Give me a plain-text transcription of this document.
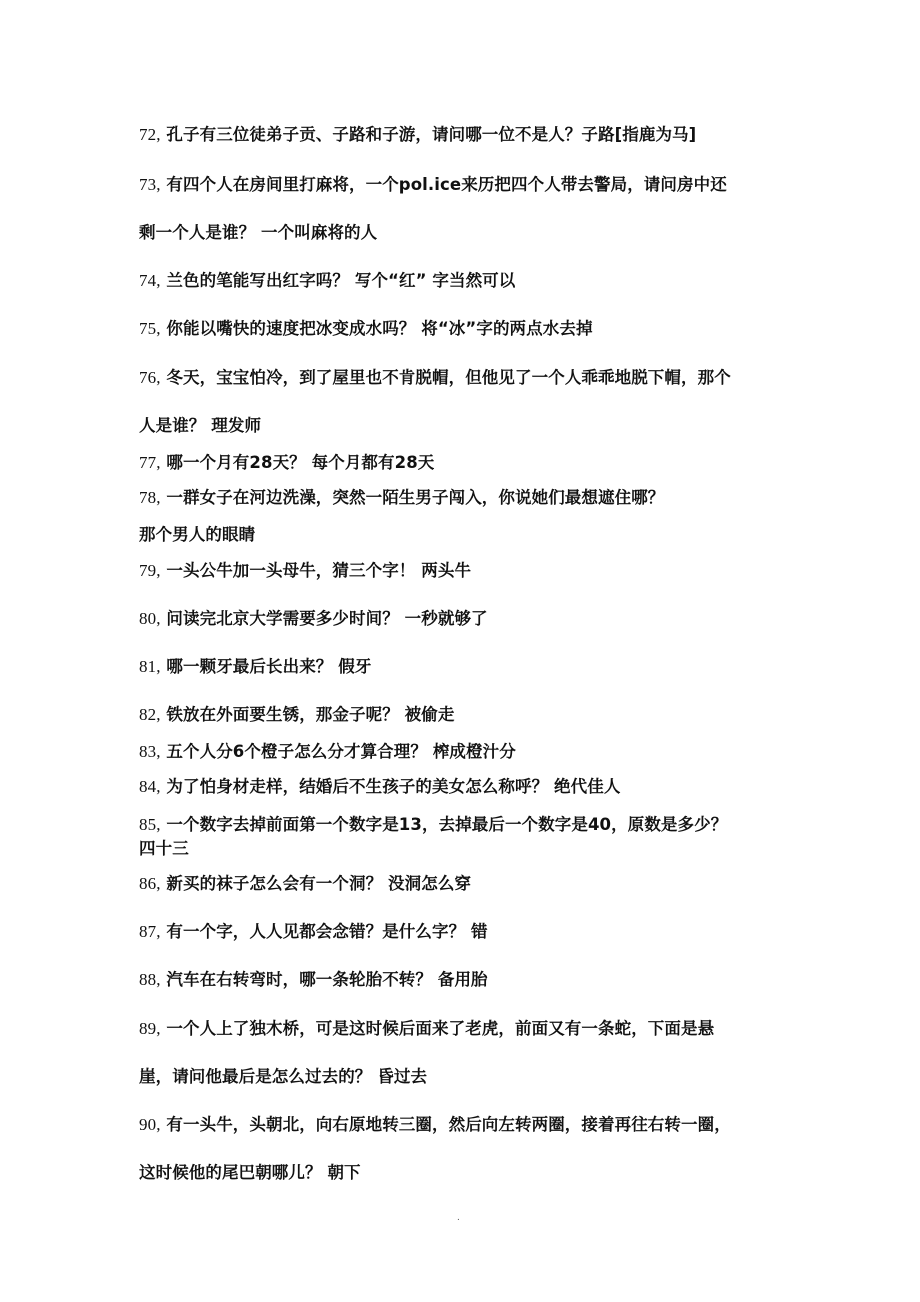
72, 孔子有三位徒弟子贡、子路和子游，请问哪一位不是人？子路[指鹿为马]
73, 有四个人在房间里打麻将，一个pol.ice来历把四个人带去警局，请问房中还
剩一个人是谁？ 一个叫麻将的人
74, 兰色的笔能写出红字吗？ 写个“红” 字当然可以
75, 你能以嘴快的速度把冰变成水吗？ 将“冰”字的两点水去掉
76, 冬天，宝宝怕冷，到了屋里也不肯脱帽，但他见了一个人乖乖地脱下帽，那个
人是谁？ 理发师
77, 哪一个月有28天？ 每个月都有28天
78, 一群女子在河边洗澡，突然一陌生男子闯入，你说她们最想遮住哪？
那个男人的眼睛
79, 一头公牛加一头母牛，猜三个字！ 两头牛
80, 问读完北京大学需要多少时间？ 一秒就够了
81, 哪一颗牙最后长出来？ 假牙
82, 铁放在外面要生锈，那金子呢？ 被偷走
83, 五个人分6个橙子怎么分才算合理？ 榨成橙汁分
84, 为了怕身材走样，结婚后不生孩子的美女怎么称呼？ 绝代佳人
85, 一个数字去掉前面第一个数字是13，去掉最后一个数字是40，原数是多少？
四十三
86, 新买的袜子怎么会有一个洞？ 没洞怎么穿
87, 有一个字，人人见都会念错？是什么字？ 错
88, 汽车在右转弯时，哪一条轮胎不转？ 备用胎
89, 一个人上了独木桥，可是这时候后面来了老虎，前面又有一条蛇，下面是悬
崖，请问他最后是怎么过去的？ 昏过去
90, 有一头牛，头朝北，向右原地转三圈，然后向左转两圈，接着再往右转一圈，
这时候他的尾巴朝哪儿？ 朝下
.
